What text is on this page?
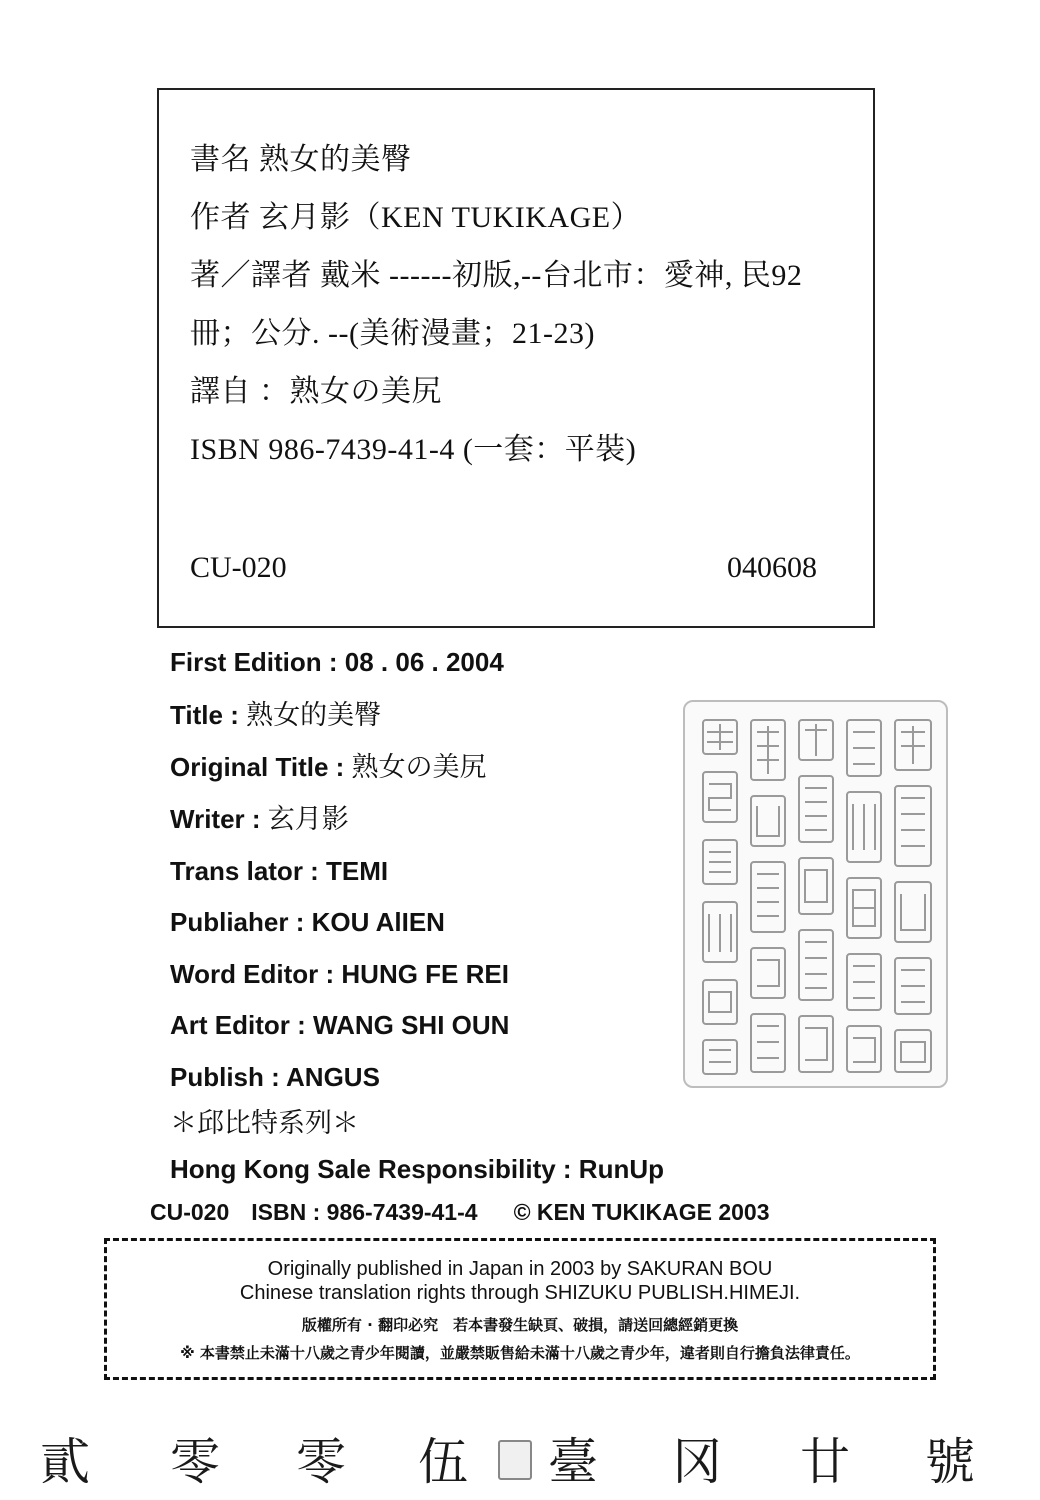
書名 熟女的美臀
作者 玄月影（KEN TUKIKAGE）
著／譯者 戴米 ------初版,--台北市：愛神, 民92
冊；公分. --(美術漫畫；21-23)
譯自 ：熟女の美尻
ISBN 986-7439-41-4 (一套：平裝)
CU-020	040608
First Edition : 08 . 06 . 2004
Title : 熟女的美臀
Original Title : 熟女の美尻
Writer : 玄月影
Trans lator : TEMI
Publiaher : KOU AlIEN
Word Editor : HUNG FE REI
Art Editor : WANG SHI OUN
Publish : ANGUS
＊邱比特系列＊
Hong Kong Sale Responsibility : RunUp
CU-020 ISBN : 986-7439-41-4 © KEN TUKIKAGE 2003
Originally published in Japan in 2003 by SAKURAN BOU
Chinese translation rights through SHIZUKU PUBLISH.HIMEJI.
版權所有 · 翻印必究　若本書發生缺頁、破損，請送回總經銷更換
※ 本書禁止未滿十八歲之青少年閱讀，並嚴禁販售給未滿十八歲之青少年，違者則自行擔負法律責任。
貳 零 零 伍 臺 冈 廿 號
